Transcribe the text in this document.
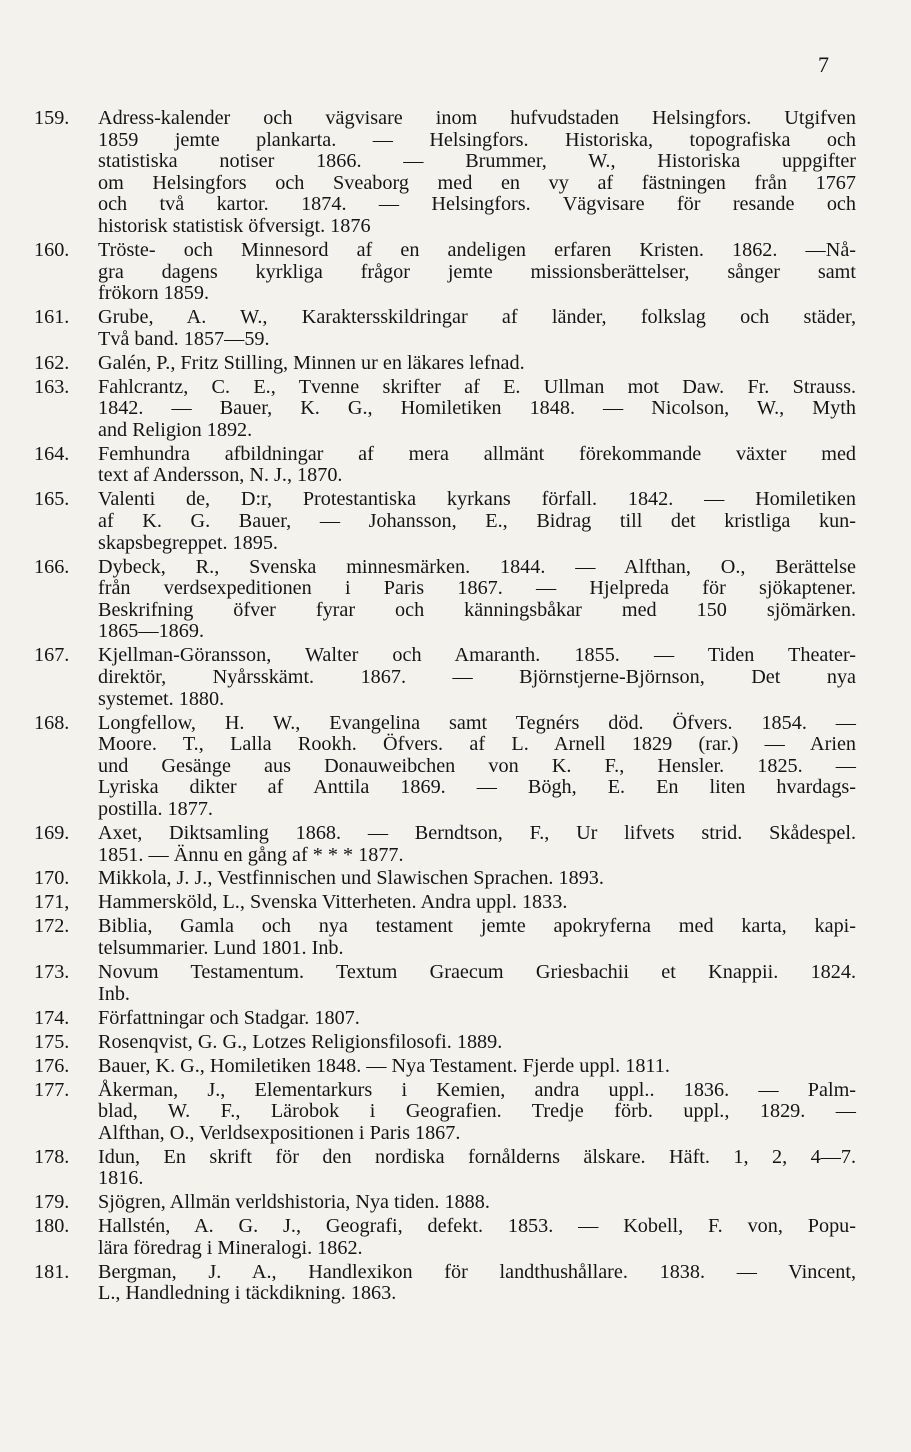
7
159.	Adress-kalender och vägvisare inom hufvudstaden Helsingfors. Utgifven
1859 jemte plankarta. — Helsingfors. Historiska, topografiska och
statistiska notiser 1866. — Brummer, W., Historiska uppgifter
om Helsingfors och Sveaborg med en vy af fästningen från 1767
och två kartor. 1874. — Helsingfors. Vägvisare för resande och
historisk statistisk öfversigt. 1876
160.	Tröste- och Minnesord af en andeligen erfaren Kristen. 1862. —Nå-
gra dagens kyrkliga frågor jemte missionsberättelser, sånger samt
frökorn 1859.
161.	Grube, A. W., Karaktersskildringar af länder, folkslag och städer,
Två band. 1857—59.
162.	Galén, P., Fritz Stilling, Minnen ur en läkares lefnad.
163.	Fahlcrantz, C. E., Tvenne skrifter af E. Ullman mot Daw. Fr. Strauss.
1842. — Bauer, K. G., Homiletiken 1848. — Nicolson, W., Myth
and Religion 1892.
164.	Femhundra afbildningar af mera allmänt förekommande växter med
text af Andersson, N. J., 1870.
165.	Valenti de, D:r, Protestantiska kyrkans förfall. 1842. — Homiletiken
af K. G. Bauer, — Johansson, E., Bidrag till det kristliga kun-
skapsbegreppet. 1895.
166.	Dybeck, R., Svenska minnesmärken. 1844. — Alfthan, O., Berättelse
från verdsexpeditionen i Paris 1867. — Hjelpreda för sjökaptener.
Beskrifning öfver fyrar och känningsbåkar med 150 sjömärken.
1865—1869.
167.	Kjellman-Göransson, Walter och Amaranth. 1855. — Tiden Theater-
direktör, Nyårsskämt. 1867. — Björnstjerne-Björnson, Det nya
systemet. 1880.
168.	Longfellow, H. W., Evangelina samt Tegnérs död. Öfvers. 1854. —
Moore. T., Lalla Rookh. Öfvers. af L. Arnell 1829 (rar.) — Arien
und Gesänge aus Donauweibchen von K. F., Hensler. 1825. —
Lyriska dikter af Anttila 1869. — Bögh, E. En liten hvardags-
postilla. 1877.
169.	Axet, Diktsamling 1868. — Berndtson, F., Ur lifvets strid. Skådespel.
1851. — Ännu en gång af * * * 1877.
170.	Mikkola, J. J., Vestfinnischen und Slawischen Sprachen. 1893.
171,	Hammersköld, L., Svenska Vitterheten. Andra uppl. 1833.
172.	Biblia, Gamla och nya testament jemte apokryferna med karta, kapi-
telsummarier. Lund 1801. Inb.
173.	Novum Testamentum. Textum Graecum Griesbachii et Knappii. 1824.
Inb.
174.	Författningar och Stadgar. 1807.
175.	Rosenqvist, G. G., Lotzes Religionsfilosofi. 1889.
176.	Bauer, K. G., Homiletiken 1848. — Nya Testament. Fjerde uppl. 1811.
177.	Åkerman, J., Elementarkurs i Kemien, andra uppl.. 1836. — Palm-
blad, W. F., Lärobok i Geografien. Tredje förb. uppl., 1829. —
Alfthan, O., Verldsexpositionen i Paris 1867.
178.	Idun, En skrift för den nordiska fornålderns älskare. Häft. 1, 2, 4—7.
1816.
179.	Sjögren, Allmän verldshistoria, Nya tiden. 1888.
180.	Hallstén, A. G. J., Geografi, defekt. 1853. — Kobell, F. von, Popu-
lära föredrag i Mineralogi. 1862.
181.	Bergman, J. A., Handlexikon för landthushållare. 1838. — Vincent,
L., Handledning i täckdikning. 1863.
